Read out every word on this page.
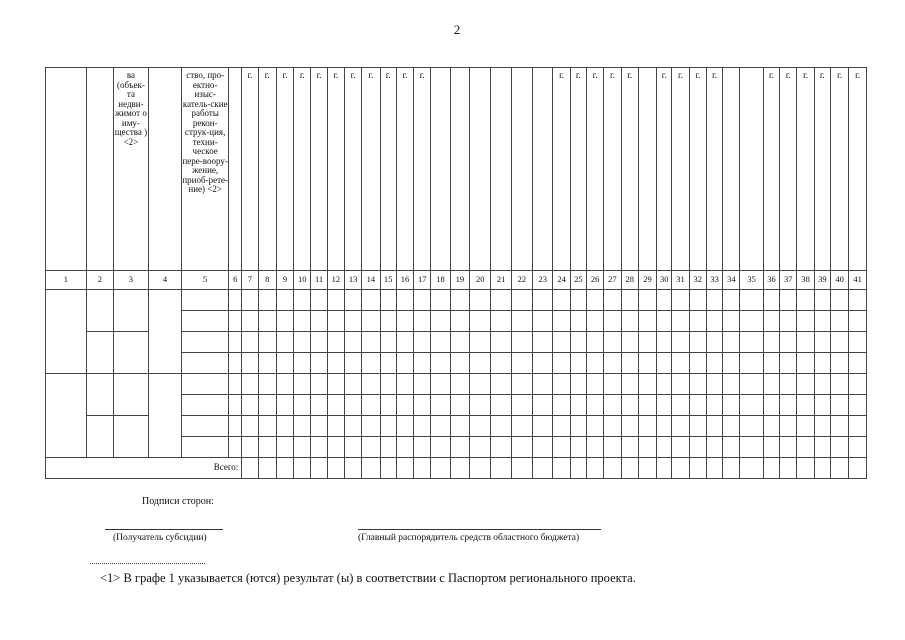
2
		ва (объек-та недви-жимот о иму-щества ) <2>		ство, про-ектно-изыс-катель-ские работы рекон-струк-ция, техни-ческое пере-воору-жение, приоб-рете-ние) <2>		г.	г.	г.	г.	г.	г.	г.	г.	г.	г.	г.							г.	г.	г.	г.	г.		г.	г.	г.	г.			г.	г.	г.	г.	г.	г.
1	2	3	4	5	6	7	8	9	10	11	12	13	14	15	16	17	18	19	20	21	22	23	24	25	26	27	28	29	30	31	32	33	34	35	36	37	38	39	40	41

Всего:																																								
Подписи сторон:
(Получатель субсидии)	(Главный распорядитель средств областного бюджета)
<1> В графе 1 указывается (ются) результат (ы) в соответствии с Паспортом регионального проекта.
